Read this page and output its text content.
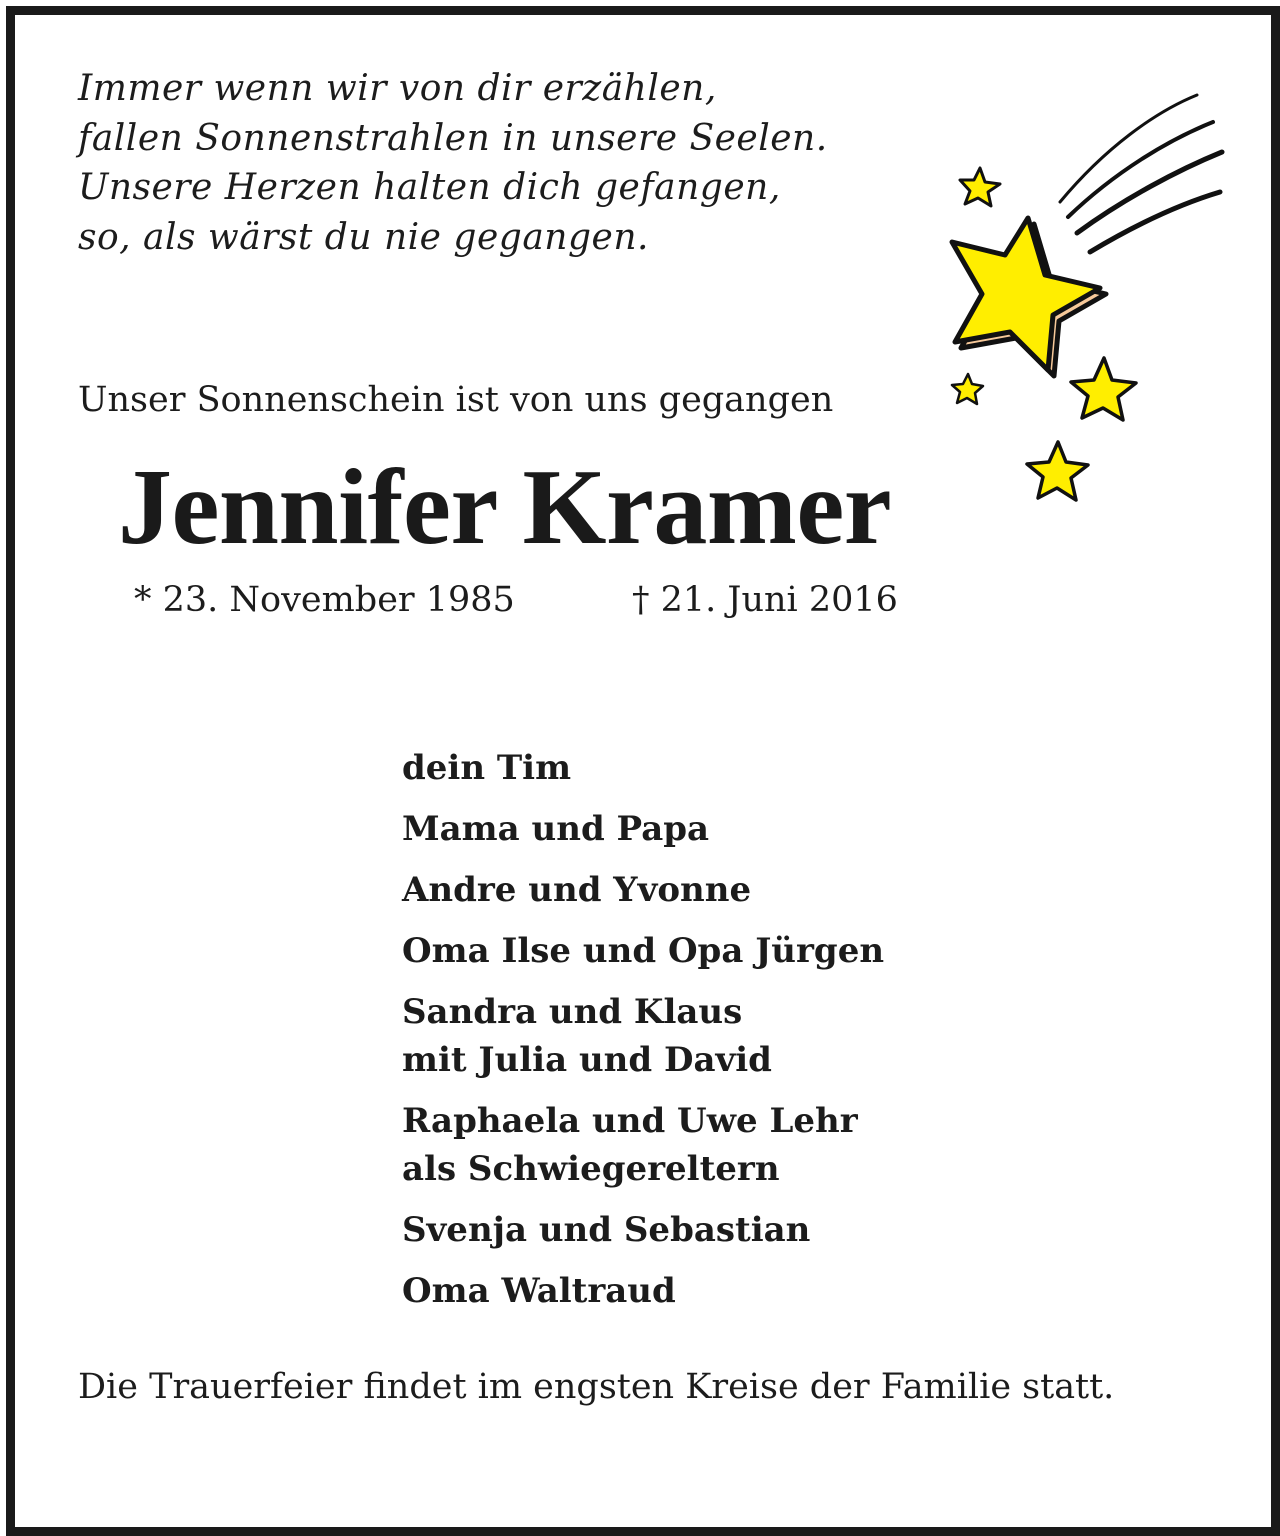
Immer wenn wir von dir erzählen,
fallen Sonnenstrahlen in unsere Seelen.
Unsere Herzen halten dich gefangen,
so, als wärst du nie gegangen.
Unser Sonnenschein ist von uns gegangen
Jennifer Kramer
* 23. November 1985	† 21. Juni 2016
dein Tim
Mama und Papa
Andre und Yvonne
Oma Ilse und Opa Jürgen
Sandra und Klaus
mit Julia und David
Raphaela und Uwe Lehr
als Schwiegereltern
Svenja und Sebastian
Oma Waltraud
Die Trauerfeier findet im engsten Kreise der Familie statt.
